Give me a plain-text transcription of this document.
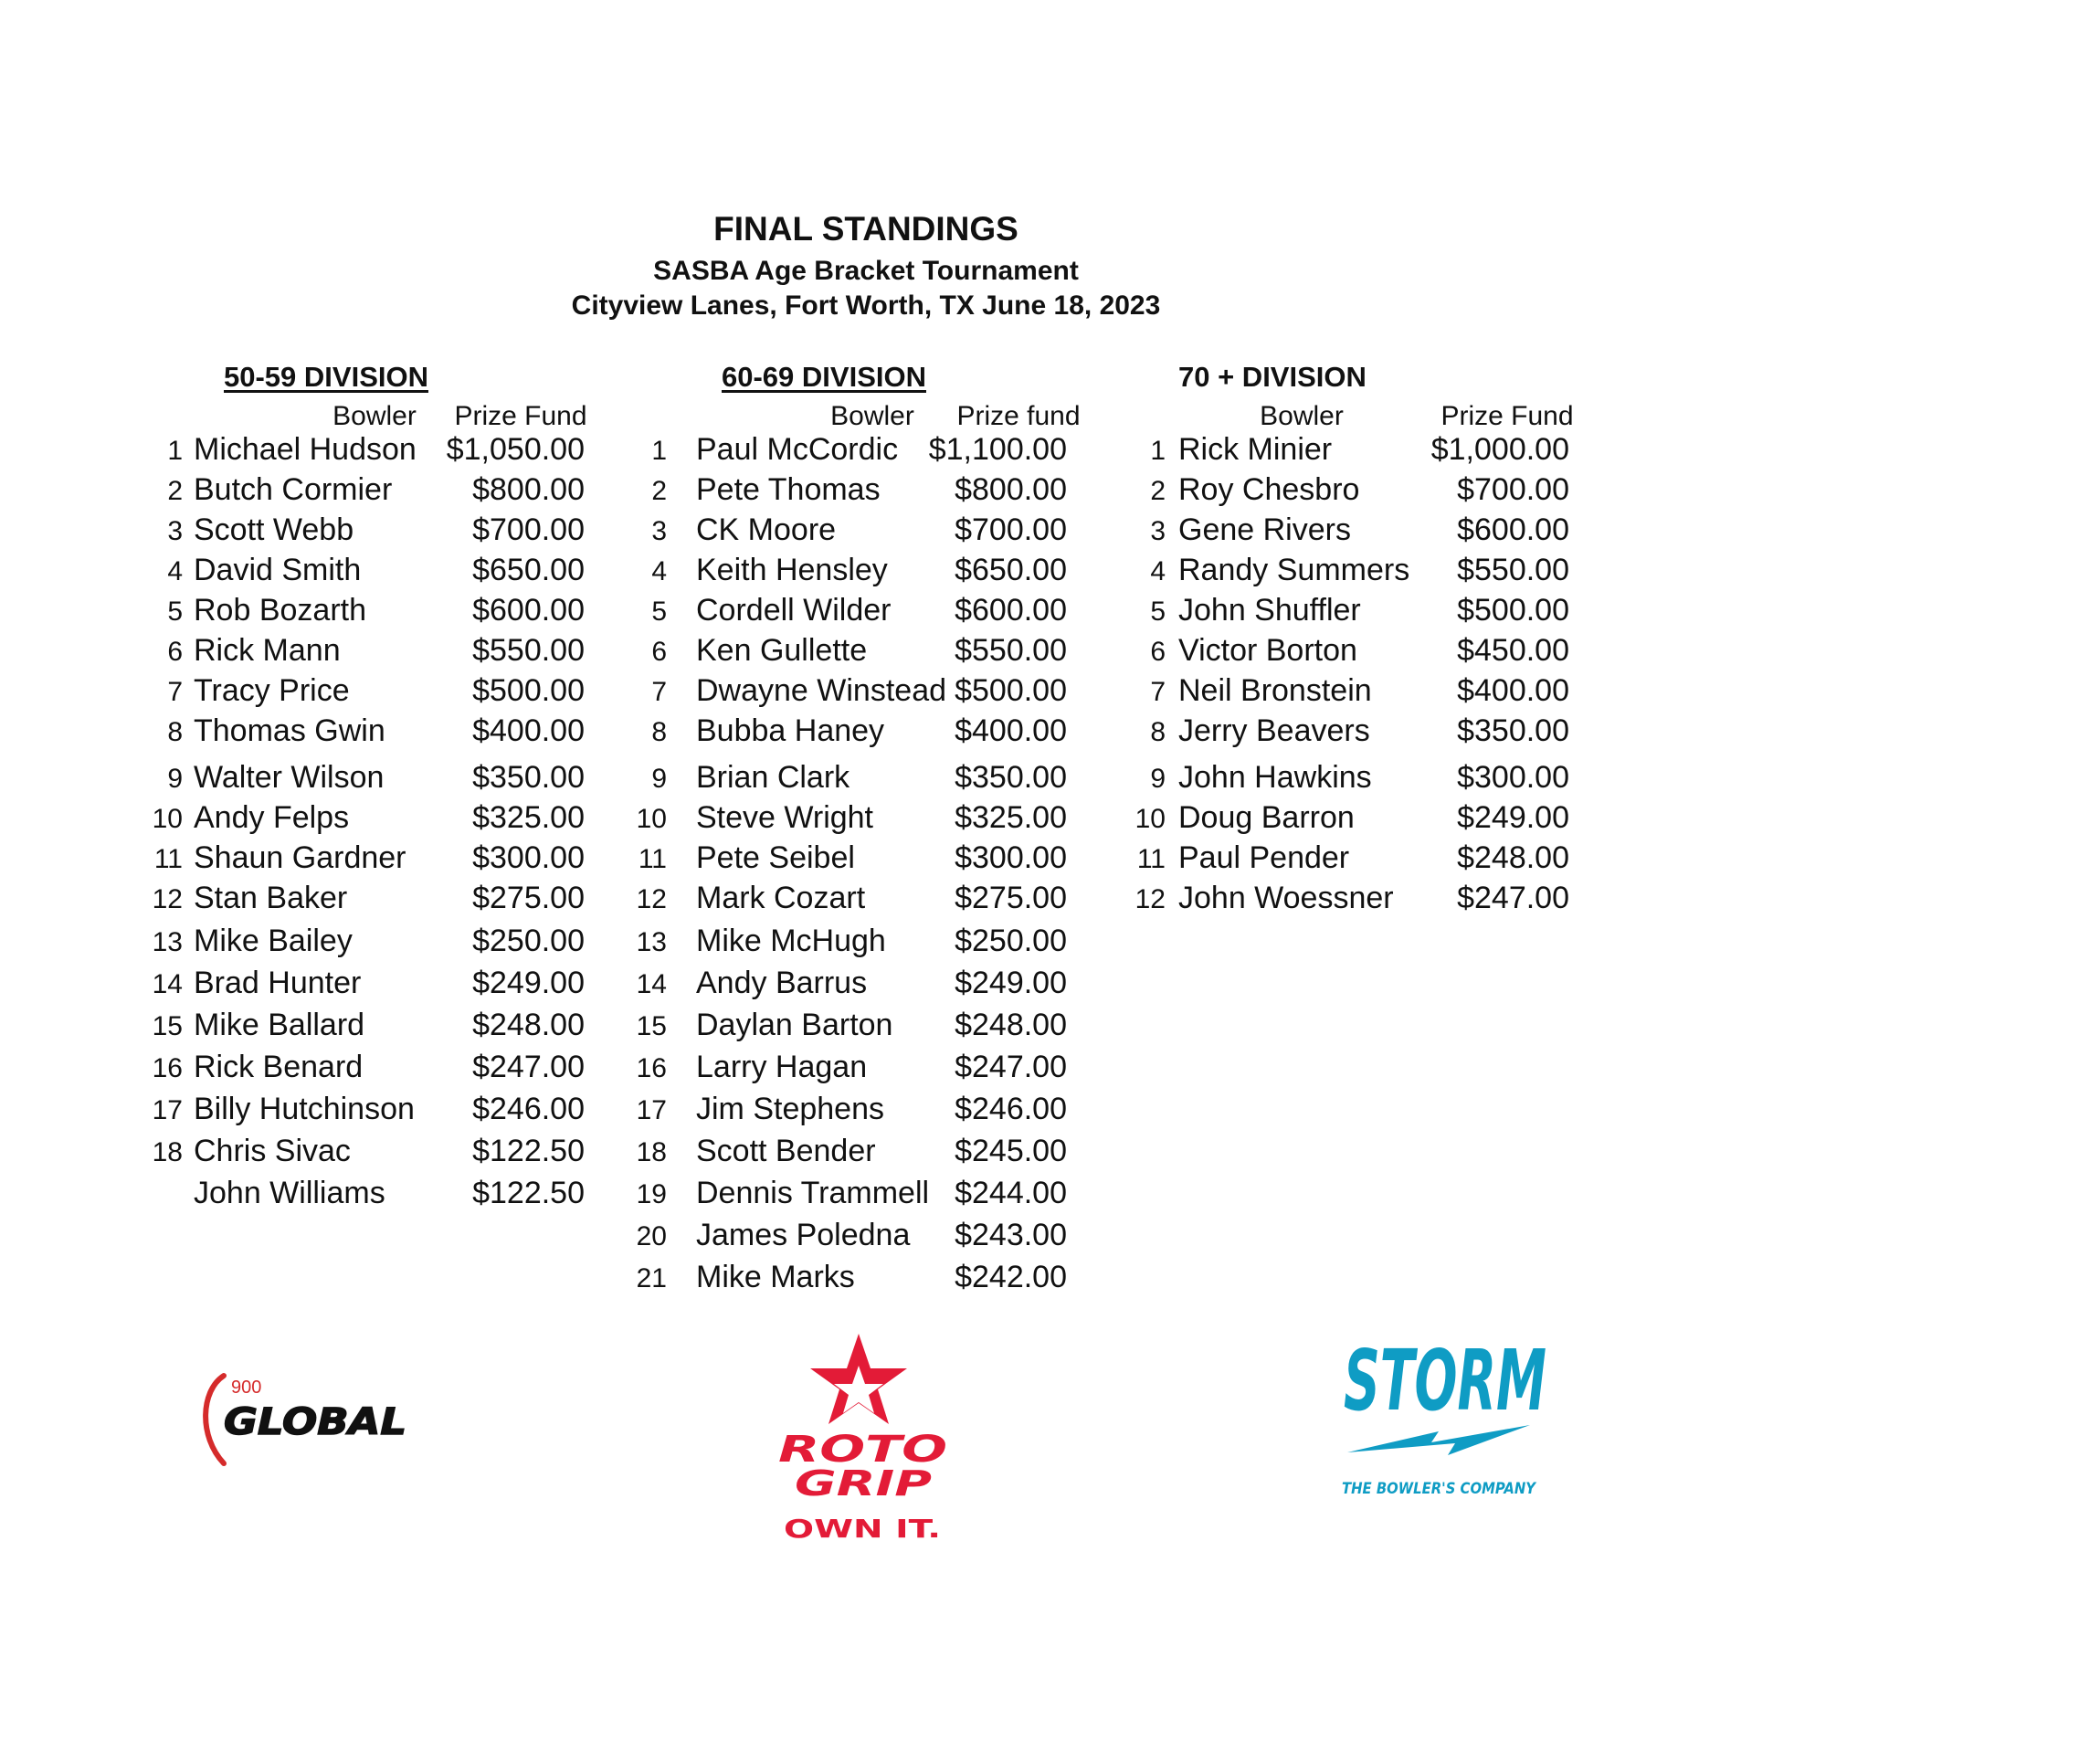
FINAL STANDINGS
SASBA Age Bracket Tournament
Cityview Lanes, Fort Worth, TX June 18, 2023
50-59 DIVISION
Bowler	Prize Fund
1 Michael Hudson $1,050.00
2 Butch Cormier	$800.00
3 Scott Webb	$700.00
4 David Smith	$650.00
5 Rob Bozarth	$600.00
6 Rick Mann	$550.00
7 Tracy Price	$500.00
8 Thomas Gwin	$400.00
9 Walter Wilson	$350.00
10 Andy Felps	$325.00
11 Shaun Gardner $300.00
12 Stan Baker	$275.00
13 Mike Bailey	$250.00
14 Brad Hunter	$249.00
15 Mike Ballard	$248.00
16 Rick Benard	$247.00
17 Billy Hutchinson $246.00
18 Chris Sivac	$122.50
John Williams	$122.50
60-69 DIVISION
Bowler	Prize fund
1 Paul McCordic $1,100.00
2 Pete Thomas $800.00
3 CK Moore	$700.00
4 Keith Hensley $650.00
5 Cordell Wilder $600.00
6 Ken Gullette	$550.00
7 Dwayne Winstead $500.00
8 Bubba Haney $400.00
9 Brian Clark	$350.00
10 Steve Wright	$325.00
11 Pete Seibel	$300.00
12 Mark Cozart	$275.00
13 Mike McHugh $250.00
14 Andy Barrus	$249.00
15 Daylan Barton $248.00
16 Larry Hagan	$247.00
17 Jim Stephens $246.00
18 Scott Bender	$245.00
19 Dennis Trammell $244.00
20 James Poledna $243.00
21 Mike Marks	$242.00
70 + DIVISION
Bowler	Prize Fund
1 Rick Minier	$1,000.00
2 Roy Chesbro	$700.00
3 Gene Rivers	$600.00
4 Randy Summers $550.00
5 John Shuffler	$500.00
6 Victor Borton	$450.00
7 Neil Bronstein	$400.00
8 Jerry Beavers	$350.00
9 John Hawkins	$300.00
10 Doug Barron	$249.00
11 Paul Pender	$248.00
12 John Woessner $247.00
900
GLOBAL
ROTO
GRIP
OWN IT.
STORM
THE BOWLER'S COMPANY
